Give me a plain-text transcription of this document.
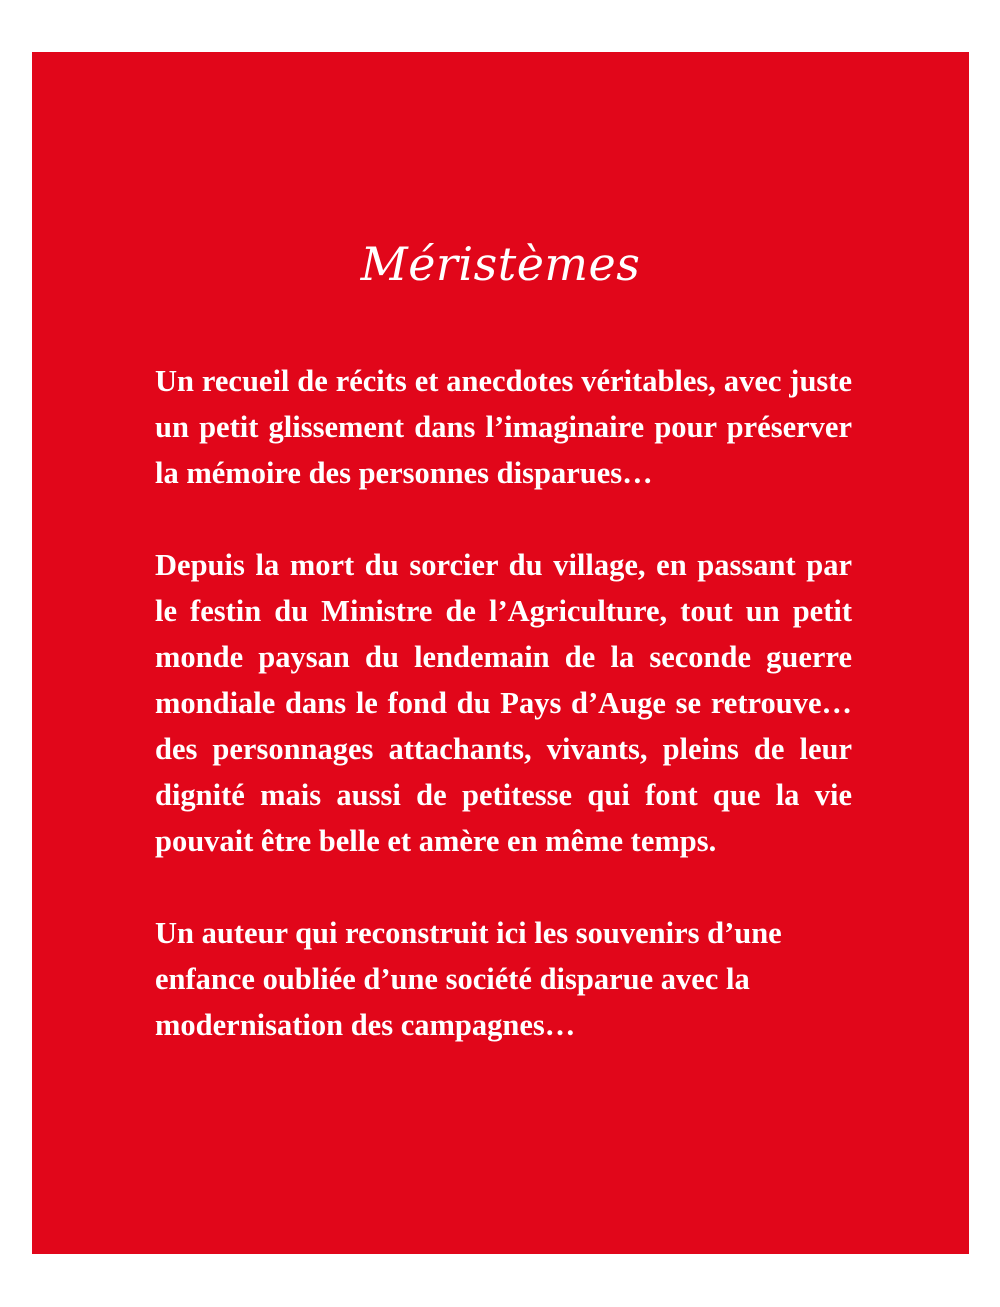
Méristèmes

Un recueil de récits et anecdotes véritables, avec juste un petit glissement dans l’imaginaire pour préserver la mémoire des personnes disparues…

Depuis la mort du sorcier du village, en passant par le festin du Ministre de l’Agriculture, tout un petit monde paysan du lendemain de la seconde guerre mondiale dans le fond du Pays d’Auge se retrouve… des personnages attachants, vivants, pleins de leur dignité mais aussi de petitesse qui font que la vie pouvait être belle et amère en même temps.

Un auteur qui reconstruit ici les souvenirs d’une enfance oubliée d’une société disparue avec la modernisation des campagnes…
